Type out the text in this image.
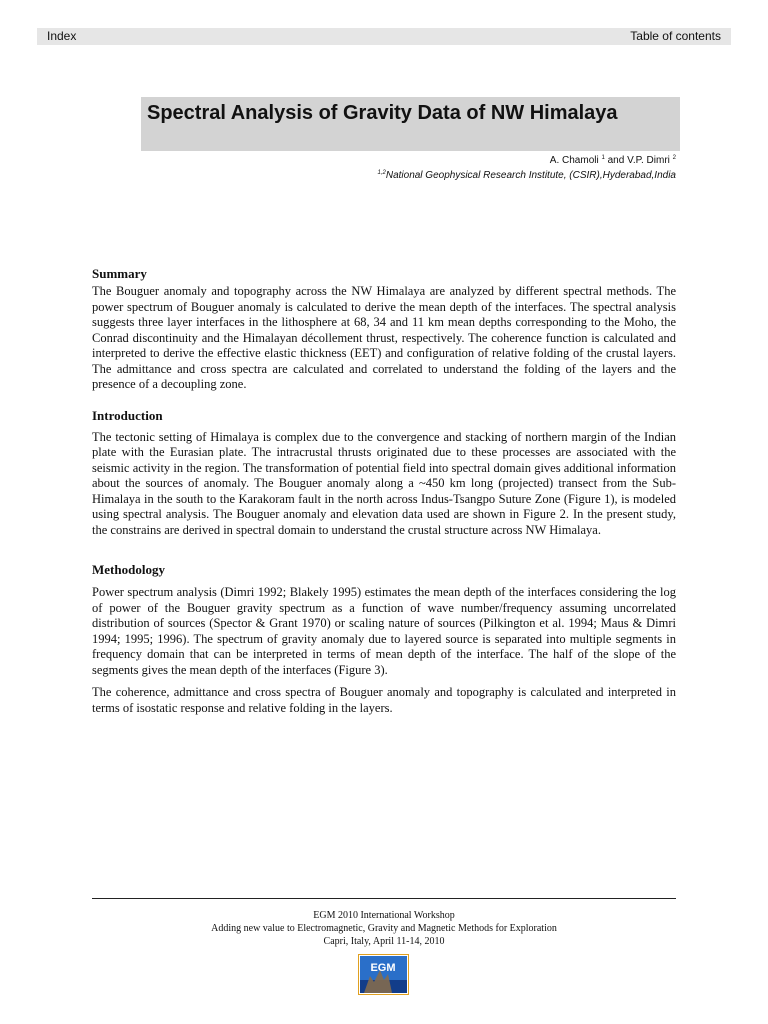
Index	Table of contents
Spectral Analysis of Gravity Data of NW Himalaya
A. Chamoli $^1$ and V.P. Dimri $^2$
$^{1,2}$National Geophysical Research Institute, (CSIR),Hyderabad,India
Summary

The Bouguer anomaly and topography across the NW Himalaya are analyzed by different spectral methods. The power spectrum of Bouguer anomaly is calculated to derive the mean depth of the interfaces. The spectral analysis suggests three layer interfaces in the lithosphere at 68, 34 and 11 km mean depths corresponding to the Moho, the Conrad discontinuity and the Himalayan décollement thrust, respectively. The coherence function is calculated and interpreted to derive the effective elastic thickness (EET) and configuration of relative folding of the crustal layers. The admittance and cross spectra are calculated and correlated to understand the folding of the layers and the presence of a decoupling zone.

Introduction

The tectonic setting of Himalaya is complex due to the convergence and stacking of northern margin of the Indian plate with the Eurasian plate. The intracrustal thrusts originated due to these processes are associated with the seismic activity in the region. The transformation of potential field into spectral domain gives additional information about the sources of anomaly. The Bouguer anomaly along a ~450 km long (projected) transect from the Sub-Himalaya in the south to the Karakoram fault in the north across Indus-Tsangpo Suture Zone (Figure 1), is modeled using spectral analysis. The Bouguer anomaly and elevation data used are shown in Figure 2. In the present study, the constrains are derived in spectral domain to understand the crustal structure across NW Himalaya.

Methodology

Power spectrum analysis (Dimri 1992; Blakely 1995) estimates the mean depth of the interfaces considering the log of power of the Bouguer gravity spectrum as a function of wave number/frequency assuming uncorrelated distribution of sources (Spector & Grant 1970) or scaling nature of sources (Pilkington et al. 1994; Maus & Dimri 1994; 1995; 1996). The spectrum of gravity anomaly due to layered source is separated into multiple segments in frequency domain that can be interpreted in terms of mean depth of the interface. The half of the slope of the segments gives the mean depth of the interfaces (Figure 3).

The coherence, admittance and cross spectra of Bouguer anomaly and topography is calculated and interpreted in terms of isostatic response and relative folding in the layers.

EGM 2010 International Workshop
Adding new value to Electromagnetic, Gravity and Magnetic Methods for Exploration
Capri, Italy, April 11-14, 2010
EGM
